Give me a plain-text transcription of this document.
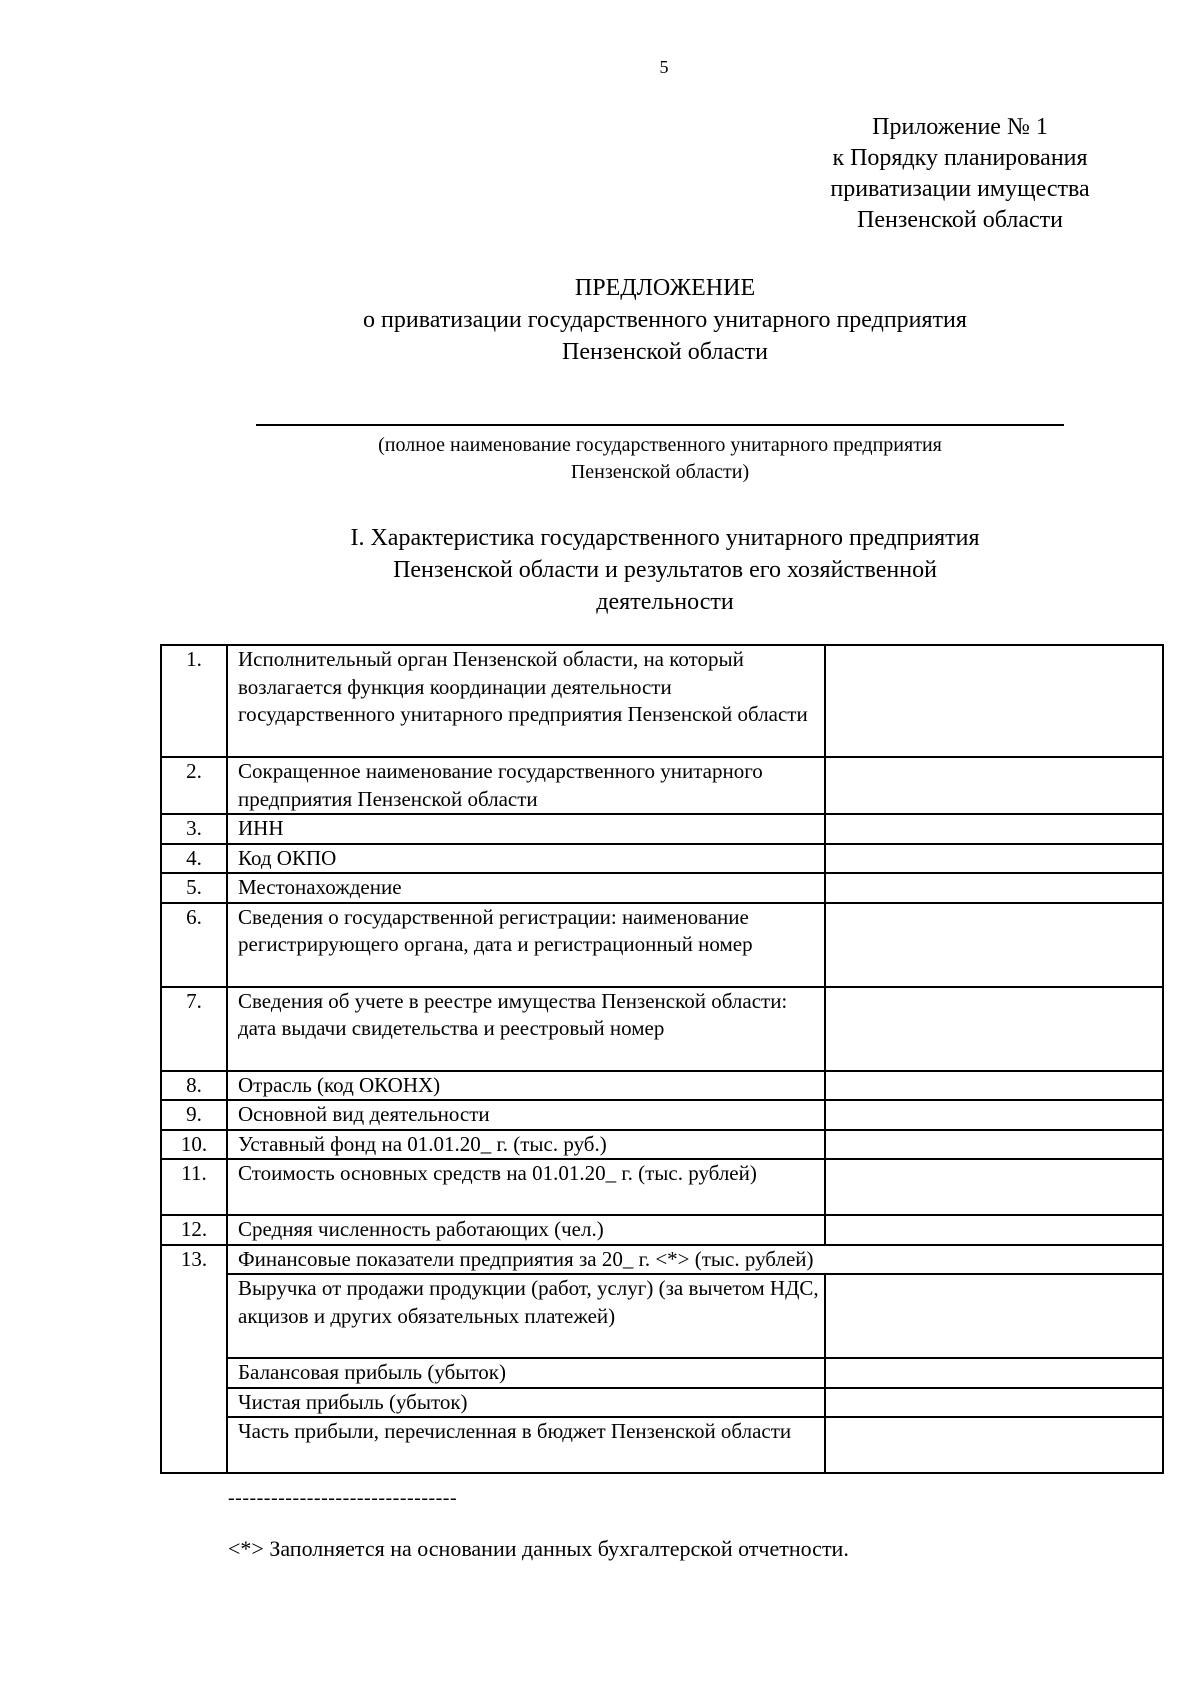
5
Приложение № 1
к Порядку планирования
приватизации имущества
Пензенской области
ПРЕДЛОЖЕНИЕ
о приватизации государственного унитарного предприятия
Пензенской области
(полное наименование государственного унитарного предприятия
Пензенской области)
I. Характеристика государственного унитарного предприятия
Пензенской области и результатов его хозяйственной
деятельности
1.	Исполнительный орган Пензенской области, на который возлагается функция координации деятельности государственного унитарного предприятия Пензенской области	
2.	Сокращенное наименование государственного унитарного предприятия Пензенской области	
3.	ИНН	
4.	Код ОКПО	
5.	Местонахождение	
6.	Сведения о государственной регистрации: наименование регистрирующего органа, дата и регистрационный номер	
7.	Сведения об учете в реестре имущества Пензенской области: дата выдачи свидетельства и реестровый номер	
8.	Отрасль (код ОКОНХ)	
9.	Основной вид деятельности	
10.	Уставный фонд на 01.01.20_ г. (тыс. руб.)	
11.	Стоимость основных средств на 01.01.20_ г. (тыс. рублей)	
12.	Средняя численность работающих (чел.)	
13.	Финансовые показатели предприятия за 20_ г. <*> (тыс. рублей)	
	Выручка от продажи продукции (работ, услуг) (за вычетом НДС, акцизов и других обязательных платежей)	
	Балансовая прибыль (убыток)	
	Чистая прибыль (убыток)	
	Часть прибыли, перечисленная в бюджет Пензенской области	
--------------------------------
<*> Заполняется на основании данных бухгалтерской отчетности.
